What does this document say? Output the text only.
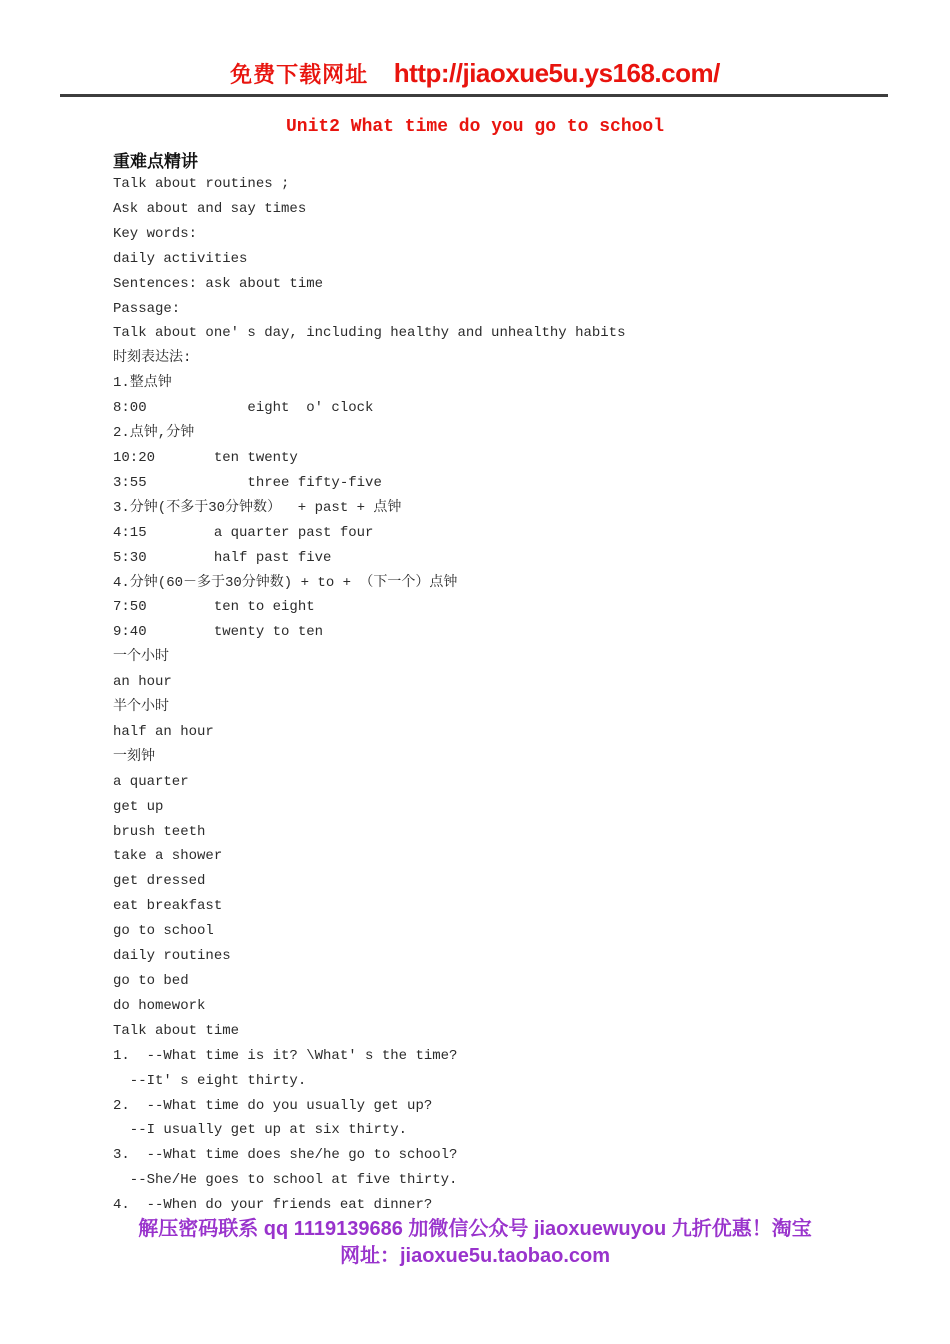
免费下载网址 http://jiaoxue5u.ys168.com/
Unit2 What time do you go to school
重难点精讲
Talk about routines ;
Ask about and say times
Key words:
daily activities
Sentences: ask about time
Passage:
Talk about one' s day, including healthy and unhealthy habits
时刻表达法:
1.整点钟
8:00            eight  o' clock
2.点钟,分钟
10:20       ten twenty
3:55            three fifty-five
3.分钟(不多于30分钟数）  + past + 点钟
4:15        a quarter past four
5:30        half past five
4.分钟(60－多于30分钟数) + to + （下一个）点钟
7:50        ten to eight
9:40        twenty to ten
一个小时
an hour
半个小时
half an hour
一刻钟
a quarter
get up
brush teeth
take a shower
get dressed
eat breakfast
go to school
daily routines
go to bed
do homework
Talk about time
1.  --What time is it? \What' s the time?
--It' s eight thirty.
2.  --What time do you usually get up?
--I usually get up at six thirty.
3.  --What time does she/he go to school?
--She/He goes to school at five thirty.
4.  --When do your friends eat dinner?
解压密码联系 qq 1119139686 加微信公众号 jiaoxuewuyou 九折优惠！淘宝
网址：jiaoxue5u.taobao.com
